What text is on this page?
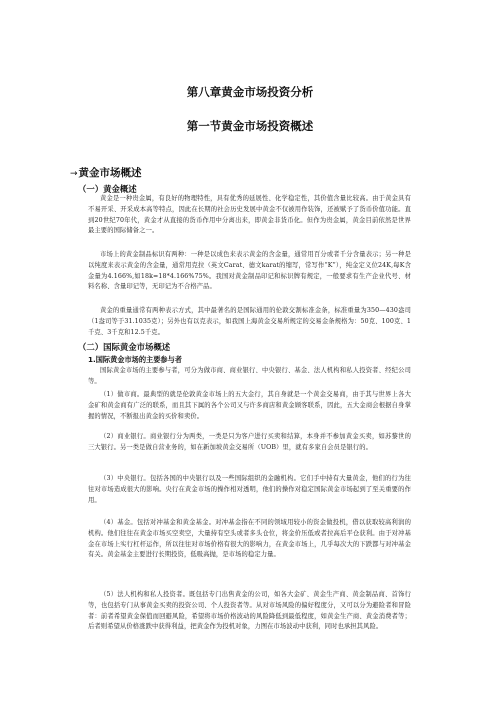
第八章黄金市场投资分析
第一节黄金市场投资概述
→黄金市场概述
（一）黄金概述

黄金是一种贵金属，有良好的物理特性，具有优秀的延展性、化学稳定性，其价值含量比较高。由于黄金具有不易开采、开采成本高等特点，因此在长期的社会历史发展中黄金不仅被用作装饰，还被赋予了货币价值功能。直到20世纪70年代，黄金才从直接的货币作用中分离出来，即黄金非货币化。但作为贵金属，黄金目前依然是世界最主要的国际储备之一。

市场上的黄金制品标识有两种：一种是以成色来表示黄金的含金量，通常用百分或者千分含量表示；另一种是以纯度来表示黄金的含金量，通常用克拉（英文Carat、德文karat的缩写，常写作“K”），纯金定义位24K,每K含金量为4.166%,如18k=18*4.166%75%。我国对黄金制品印记和标识牌有规定，一般要求有生产企业代号、材料名称、含量印记等，无印记为不合格产品。

黄金的重量通常有两种表示方式，其中最著名的是国际通用的伦敦交割标准金条，标准重量为350—430盎司（1盎司等于31.1035克）；另外也有以克表示，如我国上海黄金交易所规定的交易金条规格为：50克、100克、1千克、3千克和12.5千克。

（二）国际黄金市场概述
1.国际黄金市场的主要参与者

国际黄金市场的主要参与者，可分为做市商、商业银行、中央银行、基金、法人机构和私人投资者、经纪公司等。

（1）做市商。最典型的就是伦敦黄金市场上的五大金行，其自身就是一个黄金交易商，由于其与世界上各大金矿和黄金商有广泛的联系，而且其下属的各个公司又与许多商店和黄金顾客联系，因此，五大金商会根据自身掌握的情况，不断报出黄金的买价和卖价。

（2）商业银行。商业银行分为两类，一类是只为客户进行买卖和结算，本身并不参加黄金买卖，如苏黎世的三大银行。另一类是做自营业务的，如在新加坡黄金交易所（UOB）里，就有多家自会员是银行的。

（3）中央银行。包括各国的中央银行以及一些国际组织的金融机构。它们手中持有大量黄金，他们的行为往往对市场造成很大的影响。央行在黄金市场的操作相对透明，他们的操作对稳定国际黄金市场起到了至关重要的作用。

（4）基金。包括对冲基金和黄金基金。对冲基金指在不同的领域用较小的资金做投机，借以获取较高利润的机构。他们往往在黄金市场买空卖空，大量持有空头或者多头仓位，将金价压低或者拉高后平仓获利。由于对冲基金在市场上实行杠杆运作，所以往往对市场价格有很大的影响力，在黄金市场上，几乎每次大的下跌都与对冲基金有关。黄金基金主要进行长期投资，低吸高抛，是市场的稳定力量。

（5）法人机构和私人投资者。既包括专门出售黄金的公司，如各大金矿、黄金生产商、黄金制品商、首饰行等，也包括专门从事黄金买卖的投资公司、个人投资者等。从对市场风险的偏好程度分，又可以分为避险者和冒险者：前者希望黄金保值而回避风险，希望将市场价格波动的风险降低到最低程度，如黄金生产商、黄金消费者等；后者则希望从价格涨跌中获得利益，把黄金作为投机对象，力图在市场波动中获利，同时也承担其风险。
